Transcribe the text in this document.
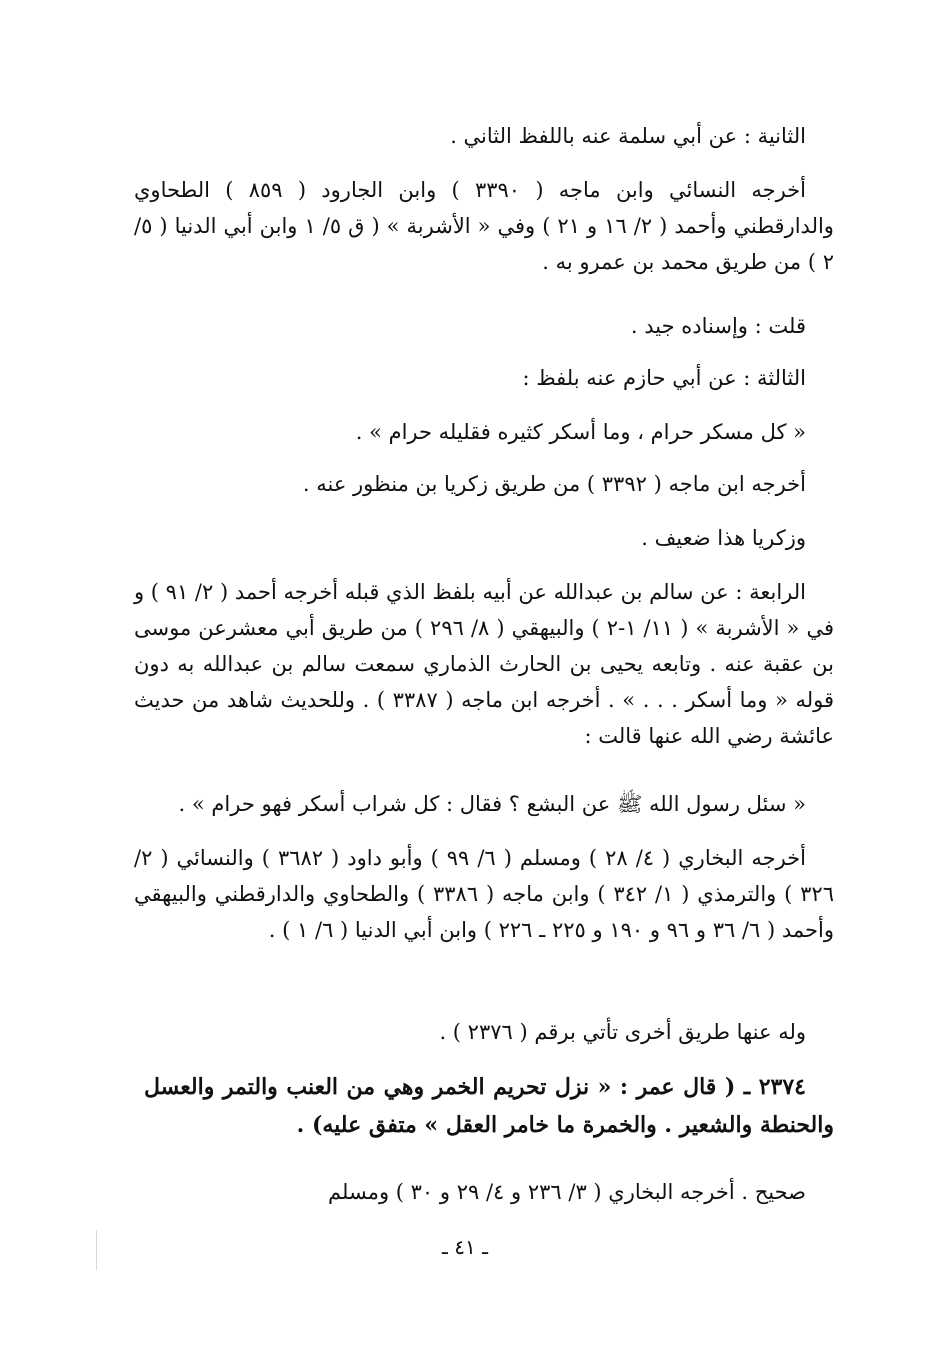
الثانية : عن أبي سلمة عنه باللفظ الثاني .

أخرجه النسائي وابن ماجه ( ٣٣٩٠ ) وابن الجارود ( ٨٥٩ ) الطحاوي والدارقطني وأحمد ( ٢/ ١٦ و ٢١ ) وفي « الأشربة » ( ق ٥/ ١ وابن أبي الدنيا ( ٥/ ٢ ) من طريق محمد بن عمرو به .

قلت : وإسناده جيد .

الثالثة : عن أبي حازم عنه بلفظ :

« كل مسكر حرام ، وما أسكر كثيره فقليله حرام » .

أخرجه ابن ماجه ( ٣٣٩٢ ) من طريق زكريا بن منظور عنه .

وزكريا هذا ضعيف .

الرابعة : عن سالم بن عبدالله عن أبيه بلفظ الذي قبله أخرجه أحمد ( ٢/ ٩١ ) و في « الأشربة » ( ١١/ ١-٢ ) والبيهقي ( ٨/ ٢٩٦ ) من طريق أبي معشرعن موسى بن عقبة عنه . وتابعه يحيى بن الحارث الذماري سمعت سالم بن عبدالله به دون قوله « وما أسكر . . . » . أخرجه ابن ماجه ( ٣٣٨٧ ) . وللحديث شاهد من حديث عائشة رضي الله عنها قالت :

« سئل رسول الله ﷺ عن البشع ؟ فقال : كل شراب أسكر فهو حرام » .

أخرجه البخاري ( ٤/ ٢٨ ) ومسلم ( ٦/ ٩٩ ) وأبو داود ( ٣٦٨٢ ) والنسائي ( ٢/ ٣٢٦ ) والترمذي ( ١/ ٣٤٢ ) وابن ماجه ( ٣٣٨٦ ) والطحاوي والدارقطني والبيهقي وأحمد ( ٦/ ٣٦ و ٩٦ و ١٩٠ و ٢٢٥ ـ ٢٢٦ ) وابن أبي الدنيا ( ٦/ ١ ) .

وله عنها طريق أخرى تأتي برقم ( ٢٣٧٦ ) .

٢٣٧٤ ـ ( قال عمر : « نزل تحريم الخمر وهي من العنب والتمر والعسل والحنطة والشعير . والخمرة ما خامر العقل » متفق عليه) .

صحيح . أخرجه البخاري ( ٣/ ٢٣٦ و ٤/ ٢٩ و ٣٠ ) ومسلم

ـ ٤١ ـ
